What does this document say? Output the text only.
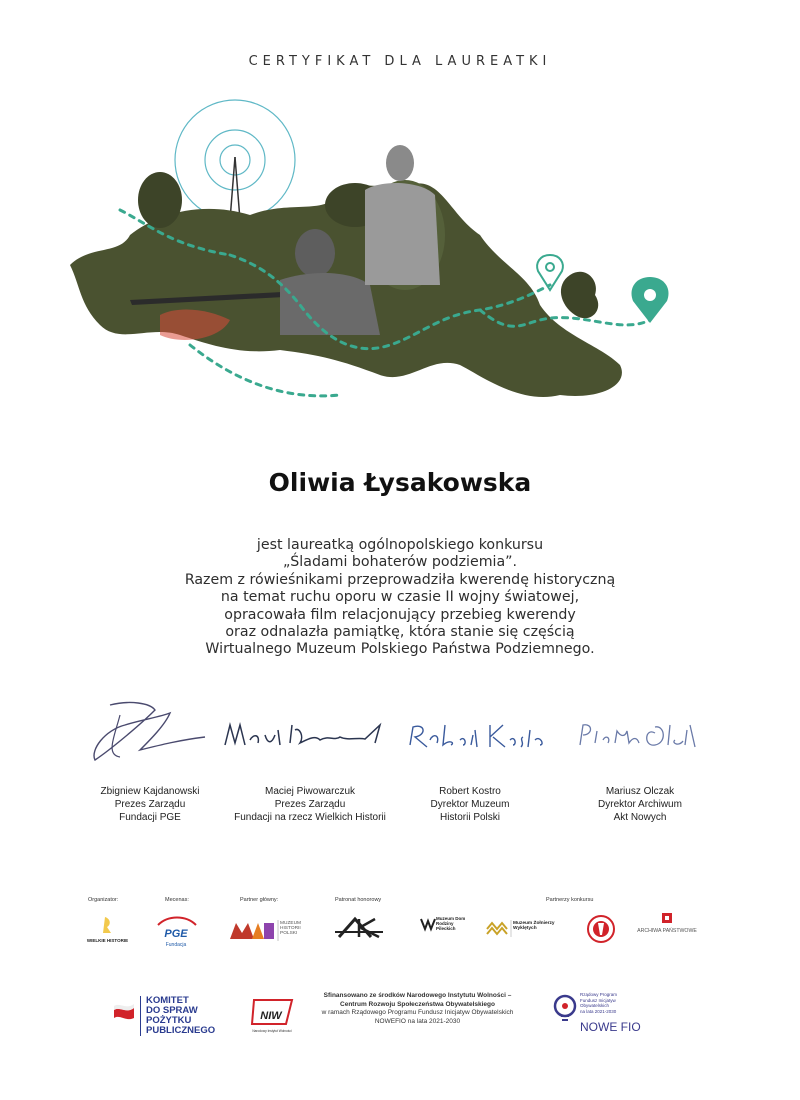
CERTYFIKAT DLA LAUREATKI
Oliwia Łysakowska
jest laureatką ogólnopolskiego konkursu
„Śladami bohaterów podziemia”.
Razem z rówieśnikami przeprowadziła kwerendę historyczną
na temat ruchu oporu w czasie II wojny światowej,
opracowała film relacjonujący przebieg kwerendy
oraz odnalazła pamiątkę, która stanie się częścią
Wirtualnego Muzeum Polskiego Państwa Podziemnego.
Zbigniew Kajdanowski
Prezes Zarządu
Fundacji PGE
Maciej Piwowarczuk
Prezes Zarządu
Fundacji na rzecz Wielkich Historii
Robert Kostro
Dyrektor Muzeum
Historii Polski
Mariusz Olczak
Dyrektor Archiwum
Akt Nowych
Organizator:	Mecenas:	Partner główny:	Patronat honorowy	Partnerzy konkursu
WIELKIE HISTORIE
PGE
Fundacja
MUZEUM HISTORII POLSKI
Muzeum Dom Rodziny Pileckich
Muzeum Żołnierzy Wyklętych	ARCHIWA PAŃSTWOWE
KOMITET
DO SPRAW
POŻYTKU
PUBLICZNEGO
NIW
Narodowy Instytut Wolności
Sfinansowano ze środków Narodowego Instytutu Wolności –
Centrum Rozwoju Społeczeństwa Obywatelskiego
w ramach Rządowego Programu Fundusz Inicjatyw Obywatelskich
NOWEFIO na lata 2021-2030
Rządowy Program
Fundusz Inicjatyw
Obywatelskich
na lata 2021-2030
NOWE FIO
